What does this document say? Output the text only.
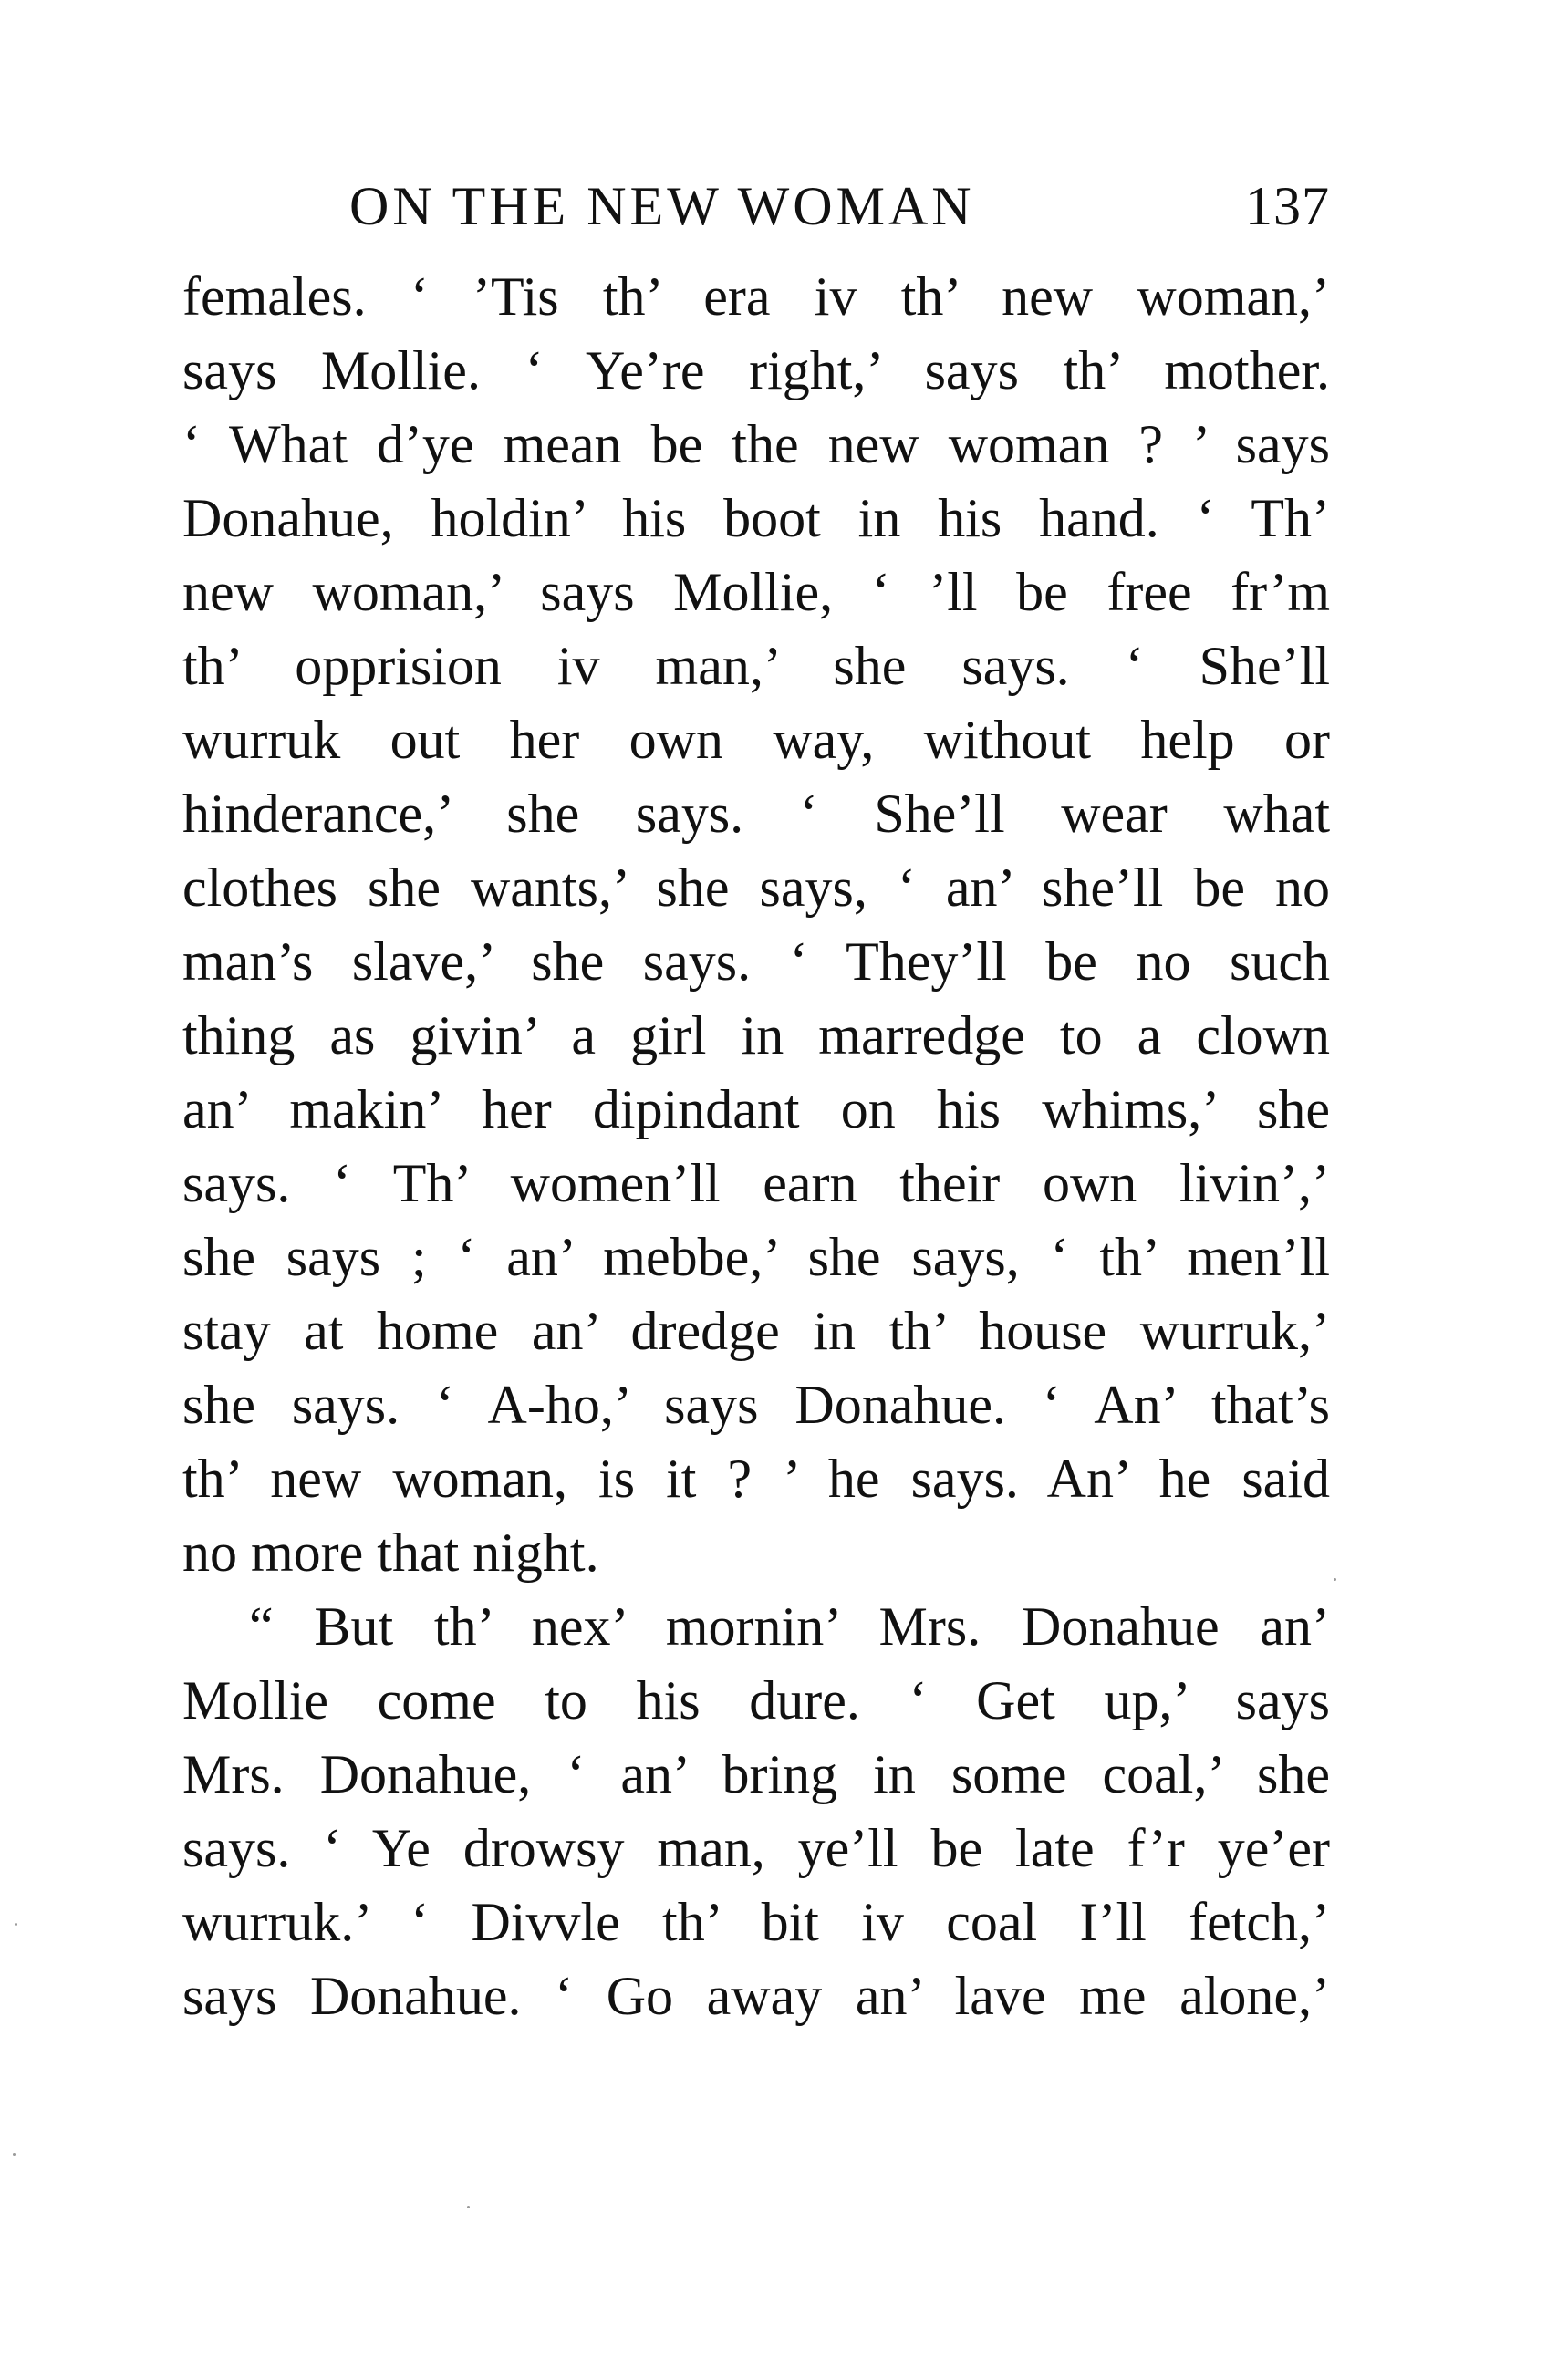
ON THE NEW WOMAN	137
females. ‘ ’Tis th’ era iv th’ new woman,’
says Mollie. ‘ Ye’re right,’ says th’ mother.
‘ What d’ye mean be the new woman ? ’ says
Donahue, holdin’ his boot in his hand. ‘ Th’
new woman,’ says Mollie, ‘ ’ll be free fr’m
th’ opprision iv man,’ she says. ‘ She’ll
wurruk out her own way, without help or
hinderance,’ she says. ‘ She’ll wear what
clothes she wants,’ she says, ‘ an’ she’ll be no
man’s slave,’ she says. ‘ They’ll be no such
thing as givin’ a girl in marredge to a clown
an’ makin’ her dipindant on his whims,’ she
says. ‘ Th’ women’ll earn their own livin’,’
she says ; ‘ an’ mebbe,’ she says, ‘ th’ men’ll
stay at home an’ dredge in th’ house wurruk,’
she says. ‘ A-ho,’ says Donahue. ‘ An’ that’s
th’ new woman, is it ? ’ he says. An’ he said
no more that night.
“ But th’ nex’ mornin’ Mrs. Donahue an’
Mollie come to his dure. ‘ Get up,’ says
Mrs. Donahue, ‘ an’ bring in some coal,’ she
says. ‘ Ye drowsy man, ye’ll be late f’r ye’er
wurruk.’ ‘ Divvle th’ bit iv coal I’ll fetch,’
says Donahue. ‘ Go away an’ lave me alone,’
